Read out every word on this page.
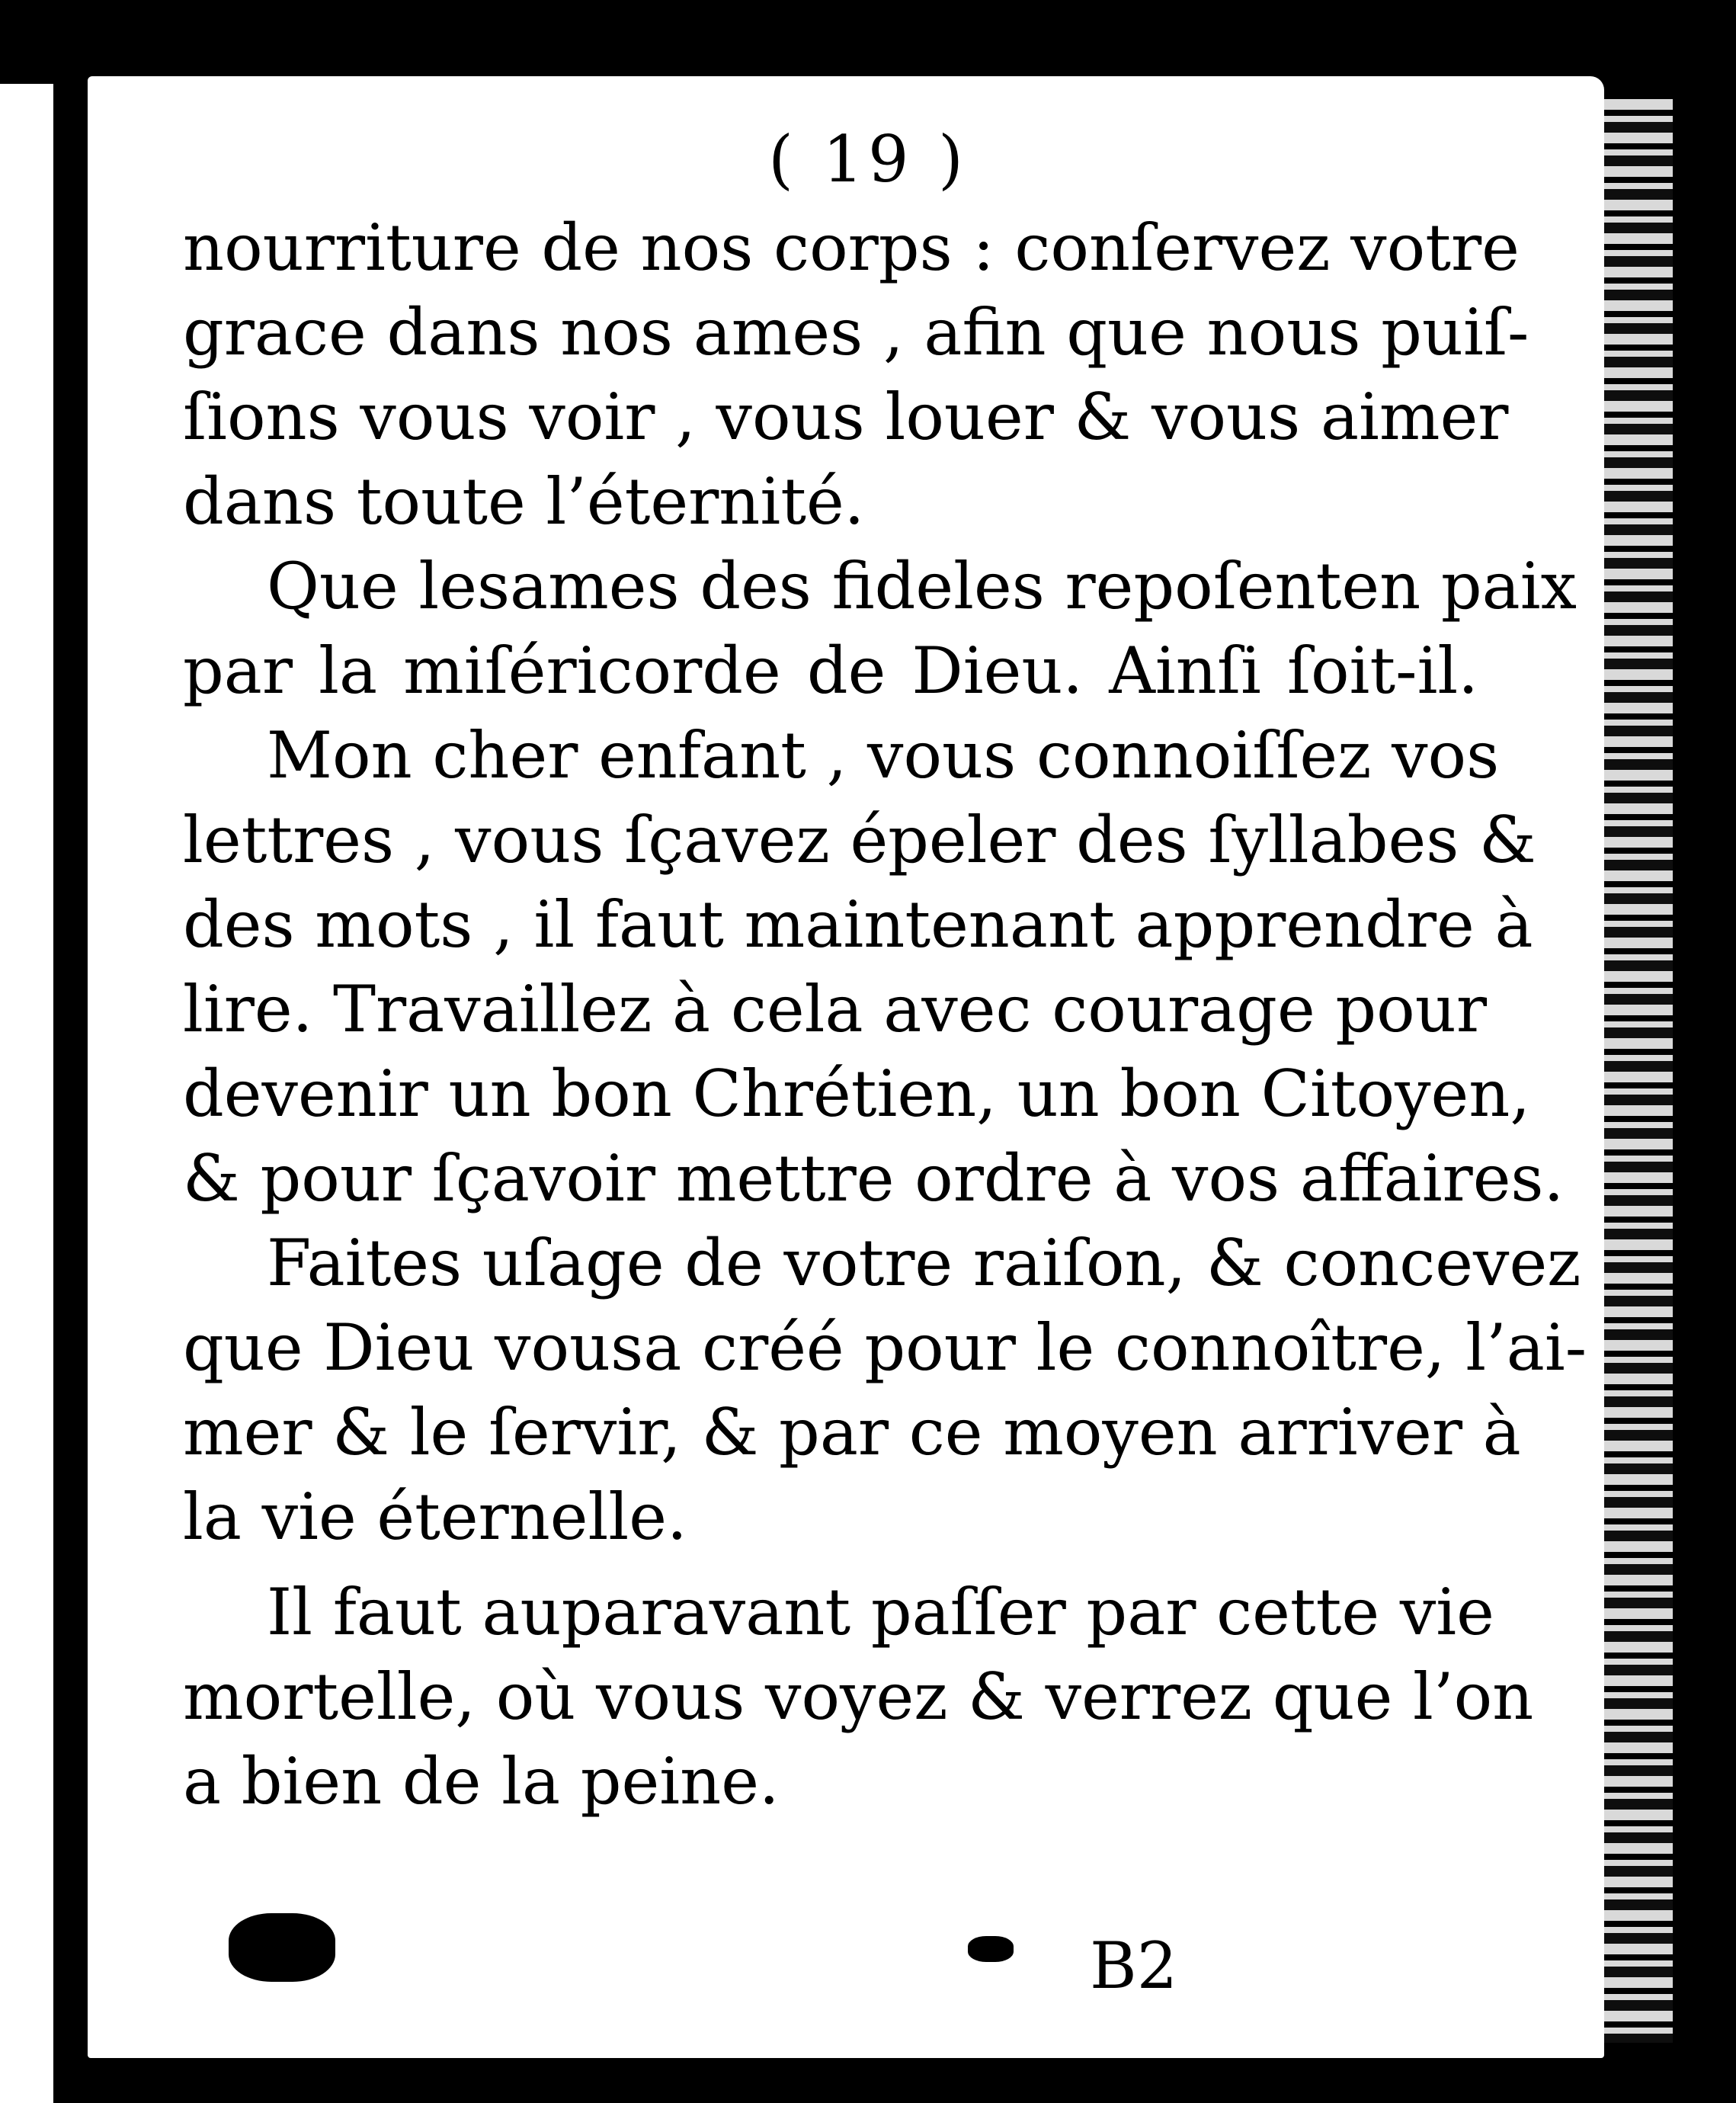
( 19 )
nourriture de nos corps : conſervez votre
grace dans nos ames , afin que nous puiſ-
ſions vous voir , vous louer & vous aimer
dans toute l’éternité.
Que lesames des fideles repoſenten paix
par la miſéricorde de Dieu. Ainſi ſoit-il.
Mon cher enfant , vous connoiſſez vos
lettres , vous ſçavez épeler des ſyllabes &
des mots , il faut maintenant apprendre à
lire. Travaillez à cela avec courage pour
devenir un bon Chrétien, un bon Citoyen,
& pour ſçavoir mettre ordre à vos affaires.
Faites uſage de votre raiſon, & concevez
que Dieu vousa créé pour le connoître, l’ai-
mer & le ſervir, & par ce moyen arriver à
la vie éternelle.
Il faut auparavant paſſer par cette vie
mortelle, où vous voyez & verrez que l’on
a bien de la peine.
B2
